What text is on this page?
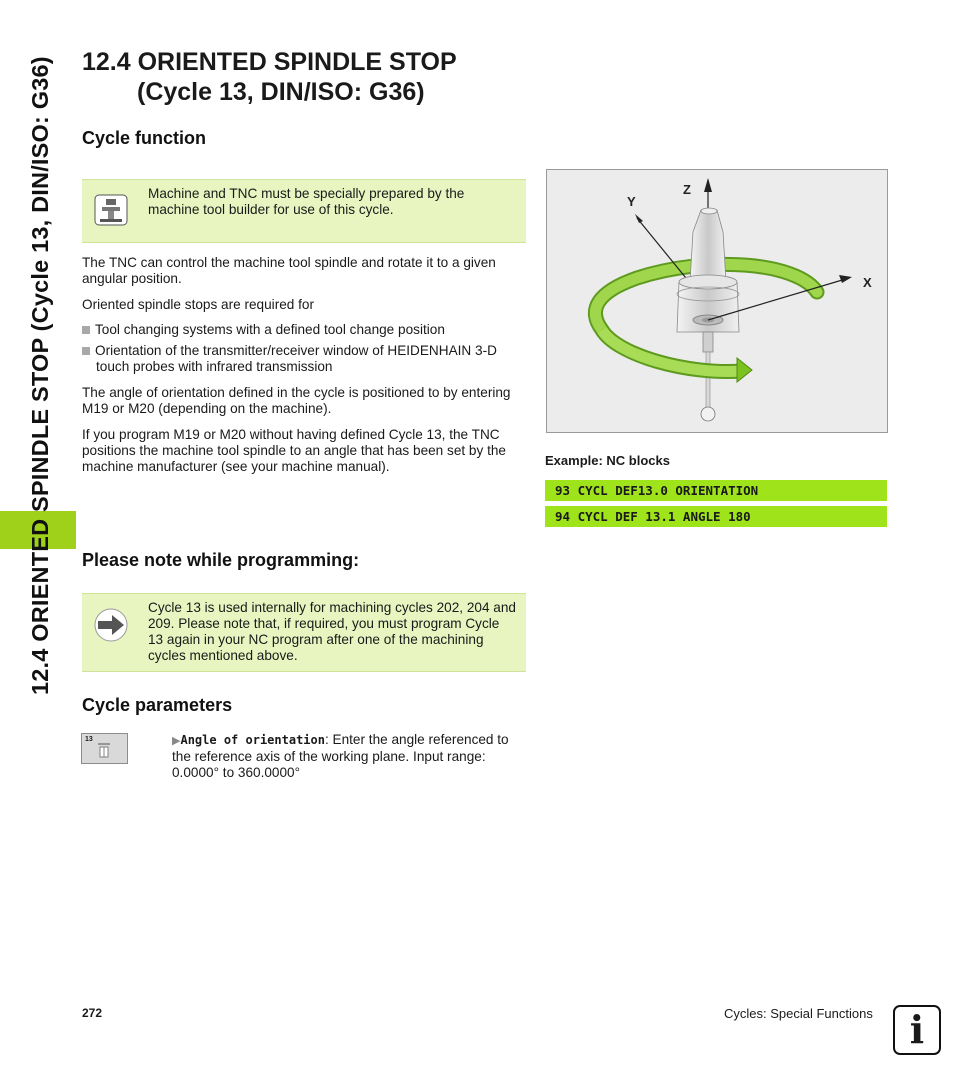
12.4 ORIENTED SPINDLE STOP (Cycle 13, DIN/ISO: G36) 12.4 ORIENTED SPINDLE STOP
(Cycle 13, DIN/ISO: G36)
Cycle function
Machine and TNC must be specially prepared by the machine tool builder for use of this cycle.

The TNC can control the machine tool spindle and rotate it to a given angular position.

Oriented spindle stops are required for

Tool changing systems with a defined tool change position
Orientation of the transmitter/receiver window of HEIDENHAIN 3-D
touch probes with infrared transmission

The angle of orientation defined in the cycle is positioned to by entering M19 or M20 (depending on the machine).

If you program M19 or M20 without having defined Cycle 13, the TNC positions the machine tool spindle to an angle that has been set by the machine manufacturer (see your machine manual).

Z
Y
X
Example: NC blocks
93 CYCL DEF13.0 ORIENTATION
94 CYCL DEF 13.1 ANGLE 180
Please note while programming:
Cycle 13 is used internally for machining cycles 202, 204 and 209. Please note that, if required, you must program Cycle 13 again in your NC program after one of the machining cycles mentioned above.
Cycle parameters
13	▶Angle of orientation: Enter the angle referenced to the reference axis of the working plane. Input range: 0.0000° to 360.0000°
272	Cycles: Special Functions i
